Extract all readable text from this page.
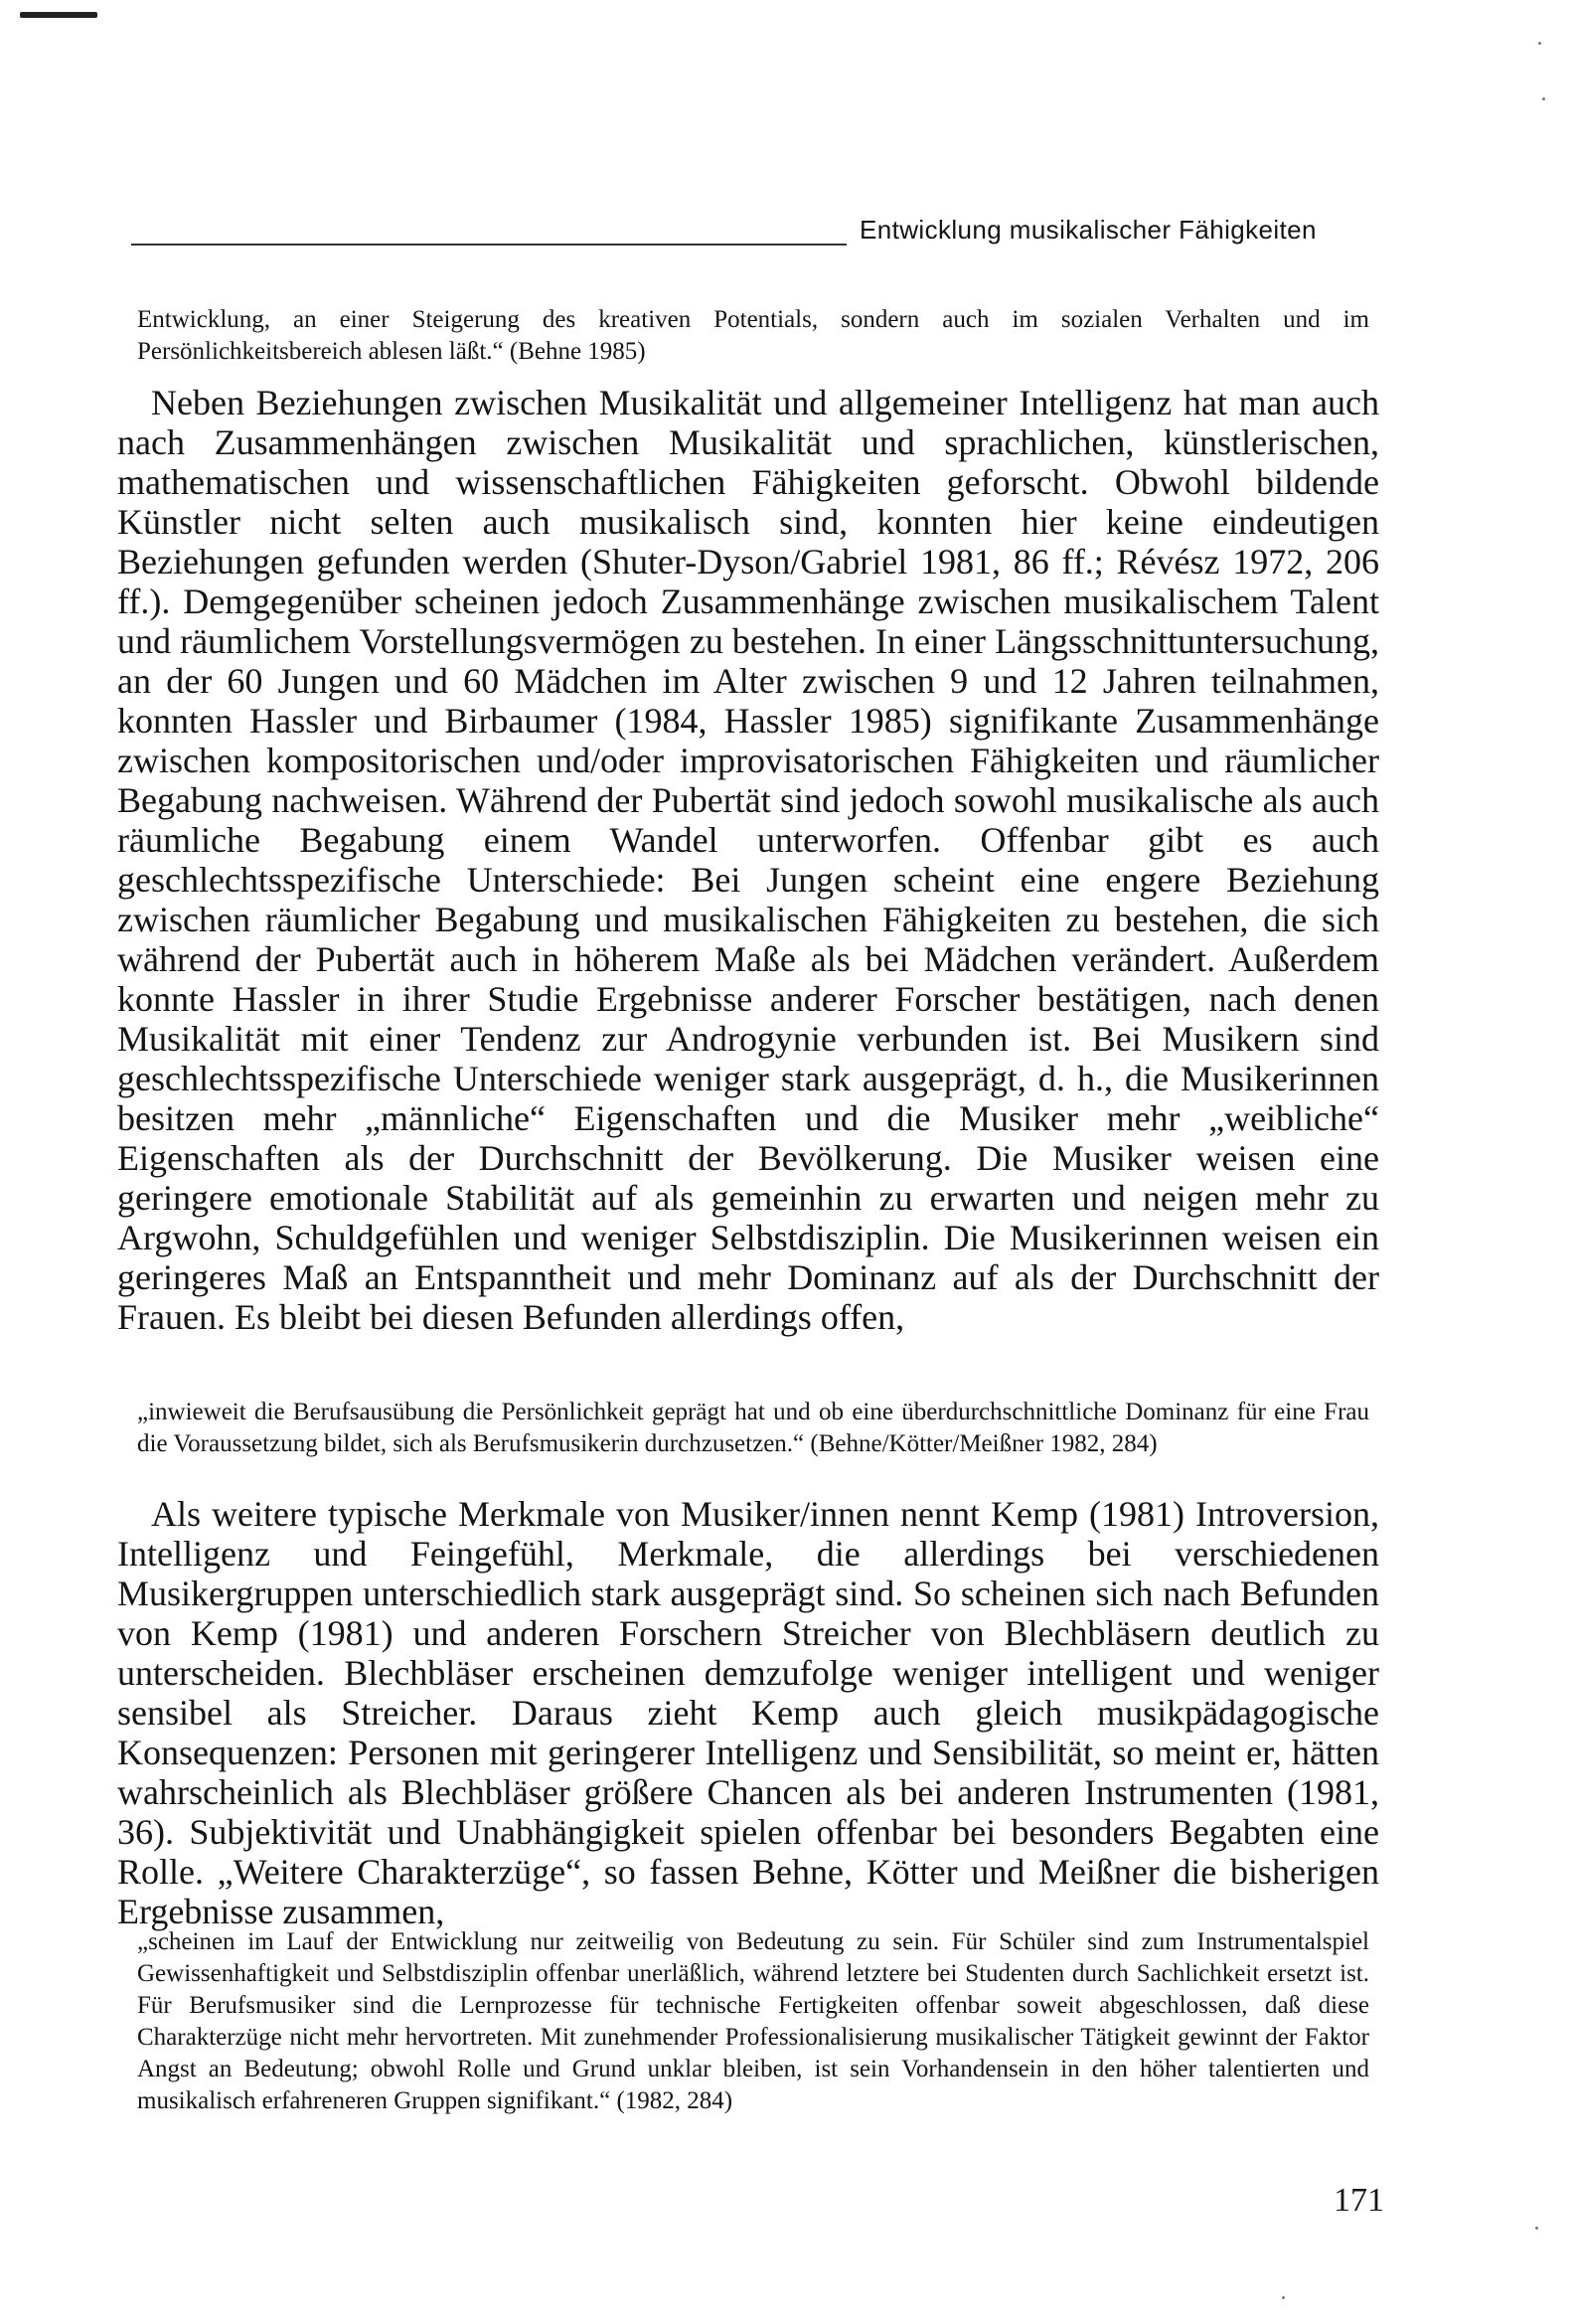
Entwicklung musikalischer Fähigkeiten
Entwicklung, an einer Steigerung des kreativen Potentials, sondern auch im sozialen Verhalten und im Persönlichkeitsbereich ablesen läßt.“ (Behne 1985)
Neben Beziehungen zwischen Musikalität und allgemeiner Intelligenz hat man auch nach Zusammenhängen zwischen Musikalität und sprachlichen, künstlerischen, mathematischen und wissenschaftlichen Fähigkeiten geforscht. Obwohl bildende Künstler nicht selten auch musikalisch sind, konnten hier keine eindeutigen Beziehungen gefunden werden (Shuter-Dyson/Gabriel 1981, 86 ff.; Révész 1972, 206 ff.). Demgegenüber scheinen jedoch Zusammenhänge zwischen musikalischem Talent und räumlichem Vorstellungsvermögen zu bestehen. In einer Längsschnittuntersuchung, an der 60 Jungen und 60 Mädchen im Alter zwischen 9 und 12 Jahren teilnahmen, konnten Hassler und Birbaumer (1984, Hassler 1985) signifikante Zusammenhänge zwischen kompositorischen und/oder improvisatorischen Fähigkeiten und räumlicher Begabung nachweisen. Während der Pubertät sind jedoch sowohl musikalische als auch räumliche Begabung einem Wandel unterworfen. Offenbar gibt es auch geschlechtsspezifische Unterschiede: Bei Jungen scheint eine engere Beziehung zwischen räumlicher Begabung und musikalischen Fähigkeiten zu bestehen, die sich während der Pubertät auch in höherem Maße als bei Mädchen verändert. Außerdem konnte Hassler in ihrer Studie Ergebnisse anderer Forscher bestätigen, nach denen Musikalität mit einer Tendenz zur Androgynie verbunden ist. Bei Musikern sind geschlechtsspezifische Unterschiede weniger stark ausgeprägt, d. h., die Musikerinnen besitzen mehr „männliche“ Eigenschaften und die Musiker mehr „weibliche“ Eigenschaften als der Durchschnitt der Bevölkerung. Die Musiker weisen eine geringere emotionale Stabilität auf als gemeinhin zu erwarten und neigen mehr zu Argwohn, Schuldgefühlen und weniger Selbstdisziplin. Die Musikerinnen weisen ein geringeres Maß an Entspanntheit und mehr Dominanz auf als der Durchschnitt der Frauen. Es bleibt bei diesen Befunden allerdings offen,
„inwieweit die Berufsausübung die Persönlichkeit geprägt hat und ob eine überdurchschnittliche Dominanz für eine Frau die Voraussetzung bildet, sich als Berufsmusikerin durchzusetzen.“ (Behne/Kötter/Meißner 1982, 284)
Als weitere typische Merkmale von Musiker/innen nennt Kemp (1981) Introversion, Intelligenz und Feingefühl, Merkmale, die allerdings bei verschiedenen Musikergruppen unterschiedlich stark ausgeprägt sind. So scheinen sich nach Befunden von Kemp (1981) und anderen Forschern Streicher von Blechbläsern deutlich zu unterscheiden. Blechbläser erscheinen demzufolge weniger intelligent und weniger sensibel als Streicher. Daraus zieht Kemp auch gleich musikpädagogische Konsequenzen: Personen mit geringerer Intelligenz und Sensibilität, so meint er, hätten wahrscheinlich als Blechbläser größere Chancen als bei anderen Instrumenten (1981, 36). Subjektivität und Unabhängigkeit spielen offenbar bei besonders Begabten eine Rolle. „Weitere Charakterzüge“, so fassen Behne, Kötter und Meißner die bisherigen Ergebnisse zusammen,
„scheinen im Lauf der Entwicklung nur zeitweilig von Bedeutung zu sein. Für Schüler sind zum Instrumentalspiel Gewissenhaftigkeit und Selbstdisziplin offenbar unerläßlich, während letztere bei Studenten durch Sachlichkeit ersetzt ist. Für Berufsmusiker sind die Lernprozesse für technische Fertigkeiten offenbar soweit abgeschlossen, daß diese Charakterzüge nicht mehr hervortreten. Mit zunehmender Professionalisierung musikalischer Tätigkeit gewinnt der Faktor Angst an Bedeutung; obwohl Rolle und Grund unklar bleiben, ist sein Vorhandensein in den höher talentierten und musikalisch erfahreneren Gruppen signifikant.“ (1982, 284)
171
